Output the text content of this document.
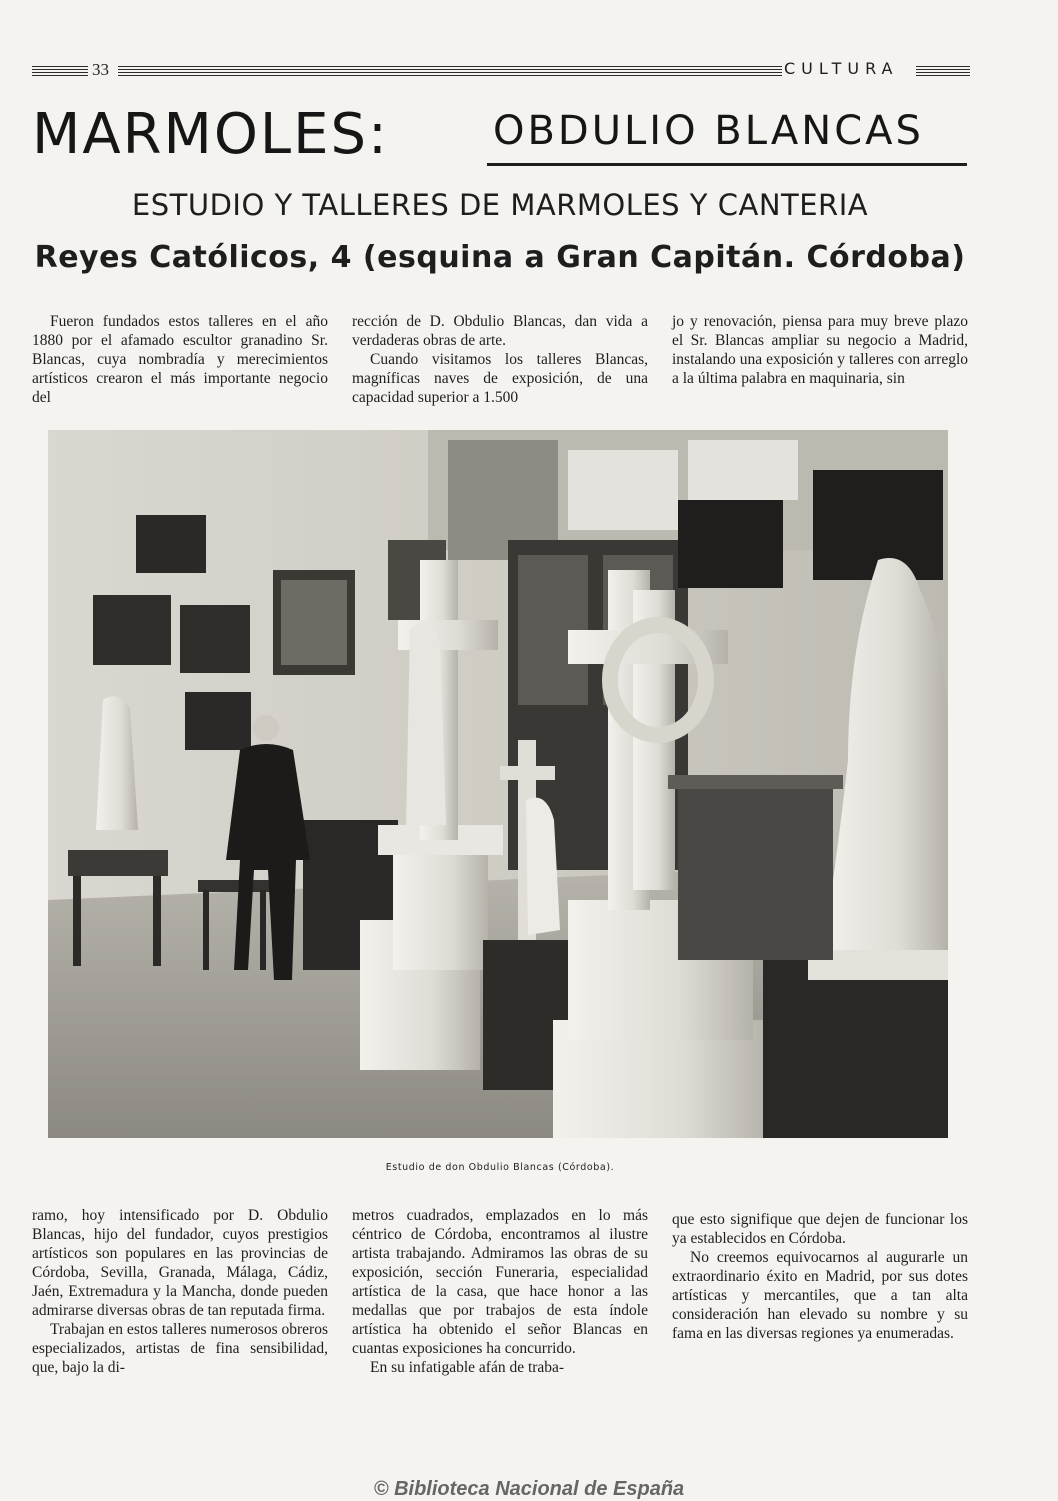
33	CULTURA
MARMOLES:	OBDULIO BLANCAS
ESTUDIO Y TALLERES DE MARMOLES Y CANTERIA
Reyes Católicos, 4 (esquina a Gran Capitán. Córdoba)

Fueron fundados estos talleres en el año 1880 por el afamado escultor granadino Sr. Blancas, cuya nombradía y merecimientos artísticos crearon el más importante negocio del

rección de D. Obdulio Blancas, dan vida a verdaderas obras de arte.

Cuando visitamos los talleres Blancas, magníficas naves de exposición, de una capacidad superior a 1.500

jo y renovación, piensa para muy breve plazo el Sr. Blancas ampliar su negocio a Madrid, instalando una exposición y talleres con arreglo a la última palabra en maquinaria, sin

Estudio de don Obdulio Blancas (Córdoba).

ramo, hoy intensificado por D. Obdulio Blancas, hijo del fundador, cuyos prestigios artísticos son populares en las provincias de Córdoba, Sevilla, Granada, Málaga, Cádiz, Jaén, Extremadura y la Mancha, donde pueden admirarse diversas obras de tan reputada firma.

Trabajan en estos talleres numerosos obreros especializados, artistas de fina sensibilidad, que, bajo la di-

metros cuadrados, emplazados en lo más céntrico de Córdoba, encontramos al ilustre artista trabajando. Admiramos las obras de su exposición, sección Funeraria, especialidad artística de la casa, que hace honor a las medallas que por trabajos de esta índole artística ha obtenido el señor Blancas en cuantas exposiciones ha concurrido.

En su infatigable afán de traba-

que esto signifique que dejen de funcionar los ya establecidos en Córdoba.

No creemos equivocarnos al augurarle un extraordinario éxito en Madrid, por sus dotes artísticas y mercantiles, que a tan alta consideración han elevado su nombre y su fama en las diversas regiones ya enumeradas.

© Biblioteca Nacional de España
